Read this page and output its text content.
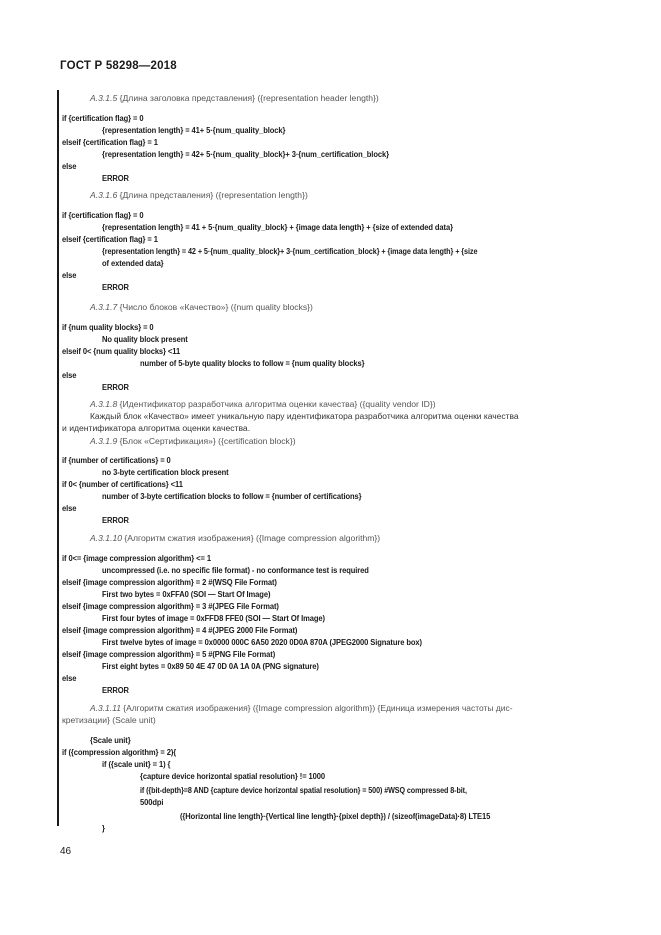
ГОСТ Р 58298—2018
A.3.1.5 {Длина заголовка представления} ({representation header length})
if {certification flag} = 0
{representation length} = 41+ 5·{num_quality_block}
elseif {certification flag} = 1
{representation length} = 42+ 5·{num_quality_block}+ 3·{num_certification_block}
else
ERROR
A.3.1.6 {Длина представления} ({representation length})
if {certification flag} = 0
{representation length} = 41 + 5·{num_quality_block} + {image data length} + {size of extended data}
elseif {certification flag} = 1
{representation length} = 42 + 5·{num_quality_block}+ 3·{num_certification_block} + {image data length} + {size
of extended data}
else
ERROR
A.3.1.7 {Число блоков «Качество»} ({num quality blocks})
if {num quality blocks} = 0
No quality block present
elseif 0< {num quality blocks} <11
number of 5-byte quality blocks to follow = {num quality blocks}
else
ERROR
A.3.1.8 {Идентификатор разработчика алгоритма оценки качества} ({quality vendor ID})
Каждый блок «Качество» имеет уникальную пару идентификатора разработчика алгоритма оценки качества
и идентификатора алгоритма оценки качества.
A.3.1.9 {Блок «Сертификация»} ({certification block})
if {number of certifications} = 0
no 3-byte certification block present
if 0< {number of certifications} <11
number of 3-byte certification blocks to follow = {number of certifications}
else
ERROR
A.3.1.10 {Алгоритм сжатия изображения} ({Image compression algorithm})
if 0<= {image compression algorithm} <= 1
uncompressed (i.e. no specific file format) - no conformance test is required
elseif {image compression algorithm} = 2 #(WSQ File Format)
First two bytes = 0xFFA0 (SOI — Start Of Image)
elseif {image compression algorithm} = 3 #(JPEG File Format)
First four bytes of image = 0xFFD8 FFE0 (SOI — Start Of Image)
elseif {image compression algorithm} = 4 #(JPEG 2000 File Format)
First twelve bytes of image = 0x0000 000C 6A50 2020 0D0A 870A (JPEG2000 Signature box)
elseif {image compression algorithm} = 5 #(PNG File Format)
First eight bytes = 0x89 50 4E 47 0D 0A 1A 0A (PNG signature)
else
ERROR
A.3.1.11 {Алгоритм сжатия изображения} ({Image compression algorithm}) {Единица измерения частоты дис-
кретизации} (Scale unit)
{Scale unit}
if ({compression algorithm} = 2){
if ({scale unit} = 1) {
{capture device horizontal spatial resolution} != 1000
if ({bit-depth}=8 AND {capture device horizontal spatial resolution} = 500) #WSQ compressed 8-bit,
500dpi
({Horizontal line length}·{Vertical line length}·{pixel depth}) / (sizeof(imageData)·8) LTE15
}
46
